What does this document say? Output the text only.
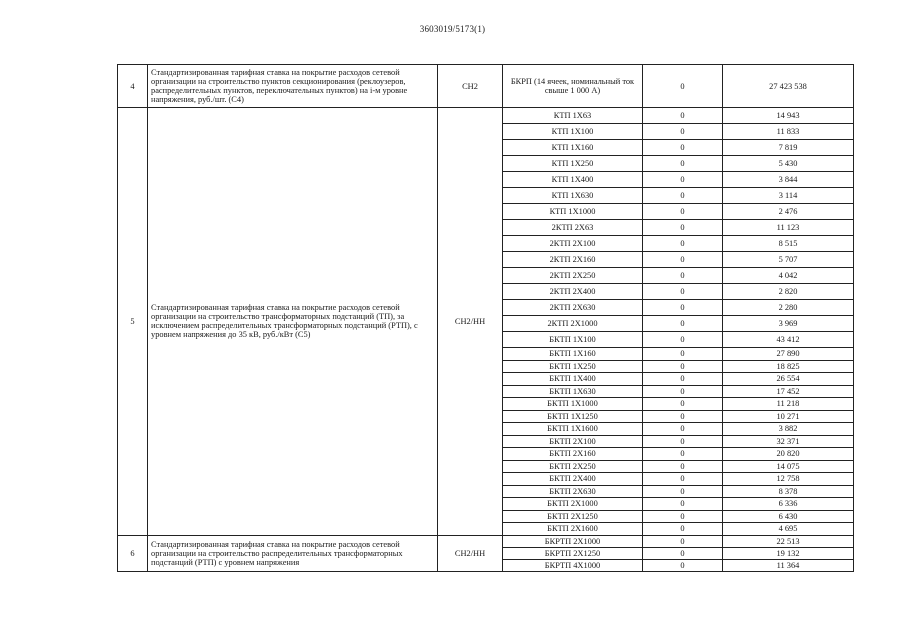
3603019/5173(1)
4	Стандартизированная тарифная ставка на покрытие расходов сетевой организации на строительство пунктов секционирования (реклоузеров, распределительных пунктов, переключательных пунктов) на i-м уровне напряжения, руб./шт. (С4)	СН2	БКРП (14 ячеек, номинальный ток свыше 1 000 А)	0	27 423 538
5	Стандартизированная тарифная ставка на покрытие расходов сетевой организации на строительство трансформаторных подстанций (ТП), за исключением распределительных трансформаторных подстанций (РТП), с уровнем напряжения до 35 кВ, руб./кВт (С5)	СН2/НН	КТП 1Х63	0	14 943
			КТП 1Х100	0	11 833
			КТП 1Х160	0	7 819
			КТП 1Х250	0	5 430
			КТП 1Х400	0	3 844
			КТП 1Х630	0	3 114
			КТП 1Х1000	0	2 476
			2КТП 2Х63	0	11 123
			2КТП 2Х100	0	8 515
			2КТП 2Х160	0	5 707
			2КТП 2Х250	0	4 042
			2КТП 2Х400	0	2 820
			2КТП 2Х630	0	2 280
			2КТП 2Х1000	0	3 969
			БКТП 1Х100	0	43 412
			БКТП 1Х160	0	27 890
			БКТП 1Х250	0	18 825
			БКТП 1Х400	0	26 554
			БКТП 1Х630	0	17 452
			БКТП 1Х1000	0	11 218
			БКТП 1Х1250	0	10 271
			БКТП 1Х1600	0	3 882
			БКТП 2Х100	0	32 371
			БКТП 2Х160	0	20 820
			БКТП 2Х250	0	14 075
			БКТП 2Х400	0	12 758
			БКТП 2Х630	0	8 378
			БКТП 2Х1000	0	6 336
			БКТП 2Х1250	0	6 430
			БКТП 2Х1600	0	4 695
6	Стандартизированная тарифная ставка на покрытие расходов сетевой организации на строительство распределительных трансформаторных подстанций (РТП) с уровнем напряжения	СН2/НН	БКРТП 2Х1000	0	22 513
			БКРТП 2Х1250	0	19 132
			БКРТП 4Х1000	0	11 364
